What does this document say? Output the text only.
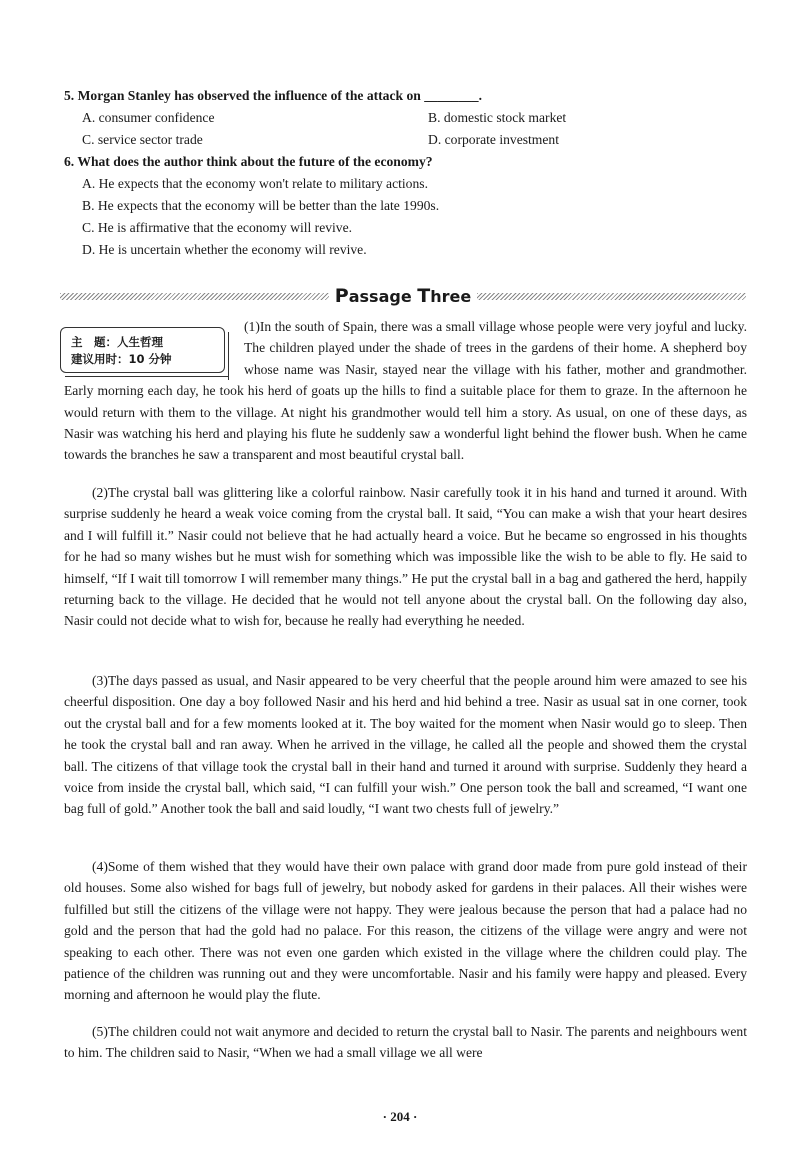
5. Morgan Stanley has observed the influence of the attack on ________.
A. consumer confidence	B. domestic stock market
C. service sector trade	D. corporate investment
6. What does the author think about the future of the economy?
A. He expects that the economy won't relate to military actions.
B. He expects that the economy will be better than the late 1990s.
C. He is affirmative that the economy will revive.
D. He is uncertain whether the economy will revive.
Passage Three
主　题：人生哲理
建议用时：10 分钟

(1)In the south of Spain, there was a small village whose people were very joyful and lucky. The children played under the shade of trees in the gardens of their home. A shepherd boy whose name was Nasir, stayed near the village with his father, mother and grandmother. Early morning each day, he took his herd of goats up the hills to find a suitable place for them to graze. In the afternoon he would return with them to the village. At night his grandmother would tell him a story. As usual, on one of these days, as Nasir was watching his herd and playing his flute he suddenly saw a wonderful light behind the flower bush. When he came towards the branches he saw a transparent and most beautiful crystal ball.

(2)The crystal ball was glittering like a colorful rainbow. Nasir carefully took it in his hand and turned it around. With surprise suddenly he heard a weak voice coming from the crystal ball. It said, “You can make a wish that your heart desires and I will fulfill it.” Nasir could not believe that he had actually heard a voice. But he became so engrossed in his thoughts for he had so many wishes but he must wish for something which was impossible like the wish to be able to fly. He said to himself, “If I wait till tomorrow I will remember many things.” He put the crystal ball in a bag and gathered the herd, happily returning back to the village. He decided that he would not tell anyone about the crystal ball. On the following day also, Nasir could not decide what to wish for, because he really had everything he needed.

(3)The days passed as usual, and Nasir appeared to be very cheerful that the people around him were amazed to see his cheerful disposition. One day a boy followed Nasir and his herd and hid behind a tree. Nasir as usual sat in one corner, took out the crystal ball and for a few moments looked at it. The boy waited for the moment when Nasir would go to sleep. Then he took the crystal ball and ran away. When he arrived in the village, he called all the people and showed them the crystal ball. The citizens of that village took the crystal ball in their hand and turned it around with surprise. Suddenly they heard a voice from inside the crystal ball, which said, “I can fulfill your wish.” One person took the ball and screamed, “I want one bag full of gold.” Another took the ball and said loudly, “I want two chests full of jewelry.”

(4)Some of them wished that they would have their own palace with grand door made from pure gold instead of their old houses. Some also wished for bags full of jewelry, but nobody asked for gardens in their palaces. All their wishes were fulfilled but still the citizens of the village were not happy. They were jealous because the person that had a palace had no gold and the person that had the gold had no palace. For this reason, the citizens of the village were angry and were not speaking to each other. There was not even one garden which existed in the village where the children could play. The patience of the children was running out and they were uncomfortable. Nasir and his family were happy and pleased. Every morning and afternoon he would play the flute.

(5)The children could not wait anymore and decided to return the crystal ball to Nasir. The parents and neighbours went to him. The children said to Nasir, “When we had a small village we all were

· 204 ·
